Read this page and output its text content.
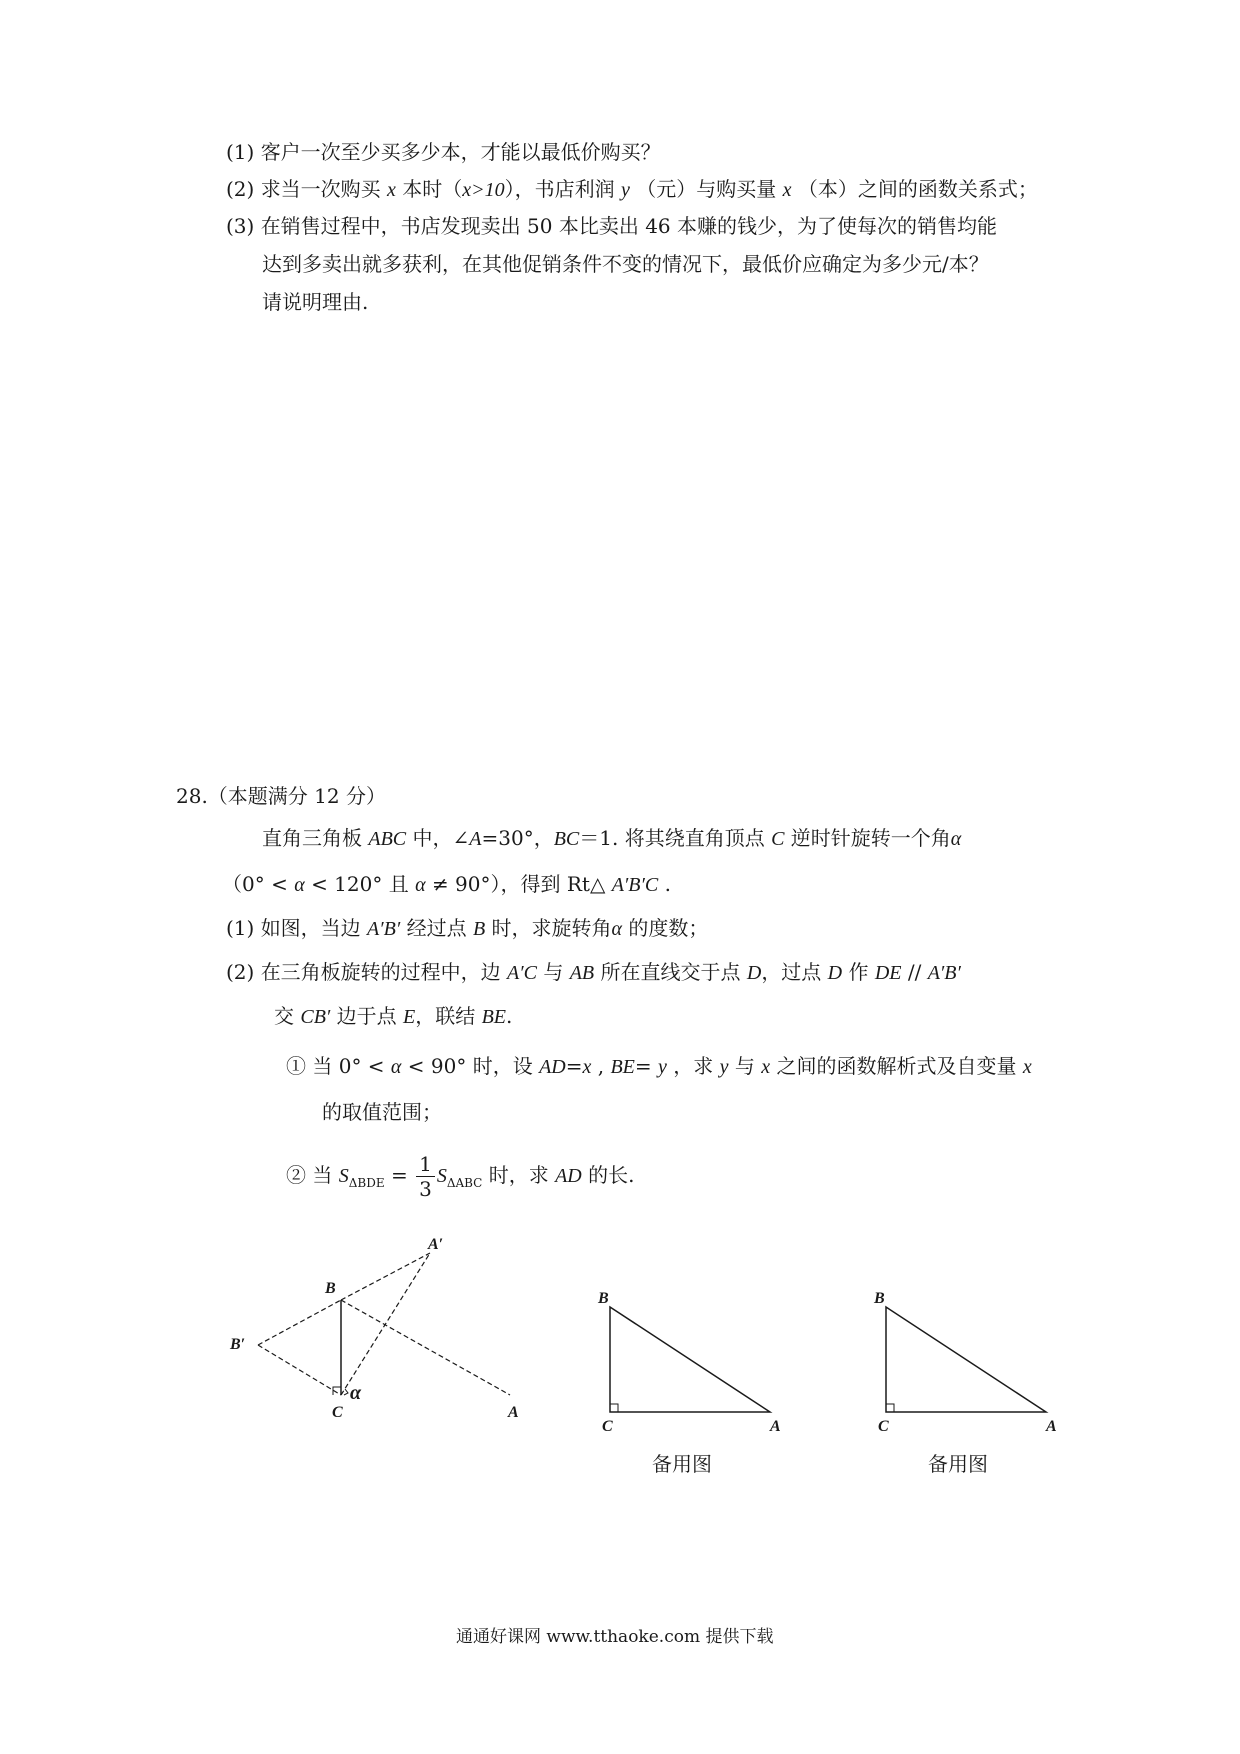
(1) 客户一次至少买多少本，才能以最低价购买？
(2) 求当一次购买 x 本时（x>10），书店利润 y （元）与购买量 x （本）之间的函数关系式；
(3) 在销售过程中，书店发现卖出 50 本比卖出 46 本赚的钱少，为了使每次的销售均能
达到多卖出就多获利，在其他促销条件不变的情况下，最低价应确定为多少元/本？
请说明理由.
28.（本题满分 12 分）
直角三角板 ABC 中，∠A=30°，BC＝1. 将其绕直角顶点 C 逆时针旋转一个角α
（0° < α < 120° 且 α ≠ 90°），得到 Rt△ A′B′C .
(1) 如图，当边 A′B′ 经过点 B 时，求旋转角α 的度数；
(2) 在三角板旋转的过程中，边 A′C 与 AB 所在直线交于点 D，过点 D 作 DE // A′B′
交 CB′ 边于点 E，联结 BE.
① 当 0° < α < 90° 时，设 AD=x , BE= y ，求 y 与 x 之间的函数解析式及自变量 x
的取值范围；
② 当 $S_{\Delta BDE} = \frac{1}{3} S_{\Delta ABC}$ 时，求 AD 的长.
A′
B
B′
C	A
α
B
C	A
备用图
B
C	A
备用图
通通好课网 www.tthaoke.com 提供下载
